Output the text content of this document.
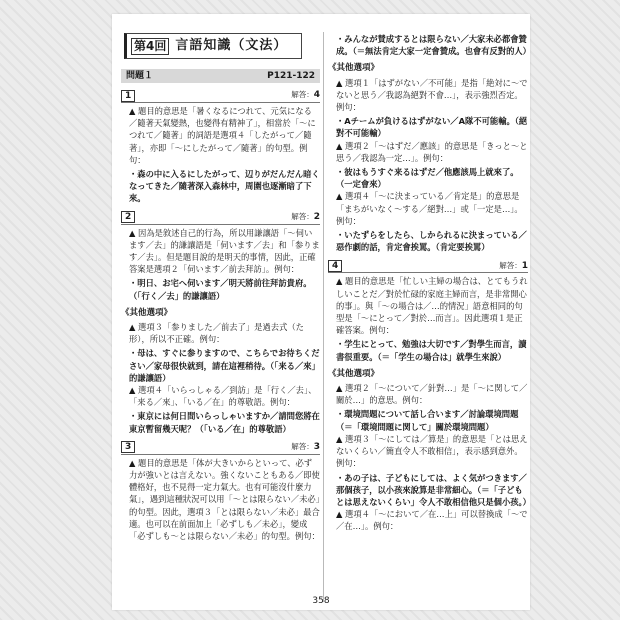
第4回 言語知識（文法）
問題１	P121-122
1	解答：4
▲ 題目的意思是「暑くなるにつれて、元気になる／隨著天氣變熱，也變得有精神了」，相當於「～につれて／隨著」的詞語是選項４「したがって／隨著」，亦即「～にしたがって／隨著」的句型。例句：
・森の中に入るにしたがって、辺りがだんだん暗くなってきた／隨著深入森林中，周圍也逐漸暗了下來。
2	解答：2
▲ 因為是敘述自己的行為，所以用謙讓語「～伺います／去」的謙讓語是「伺います／去」和「参ります／去」。但是題目說的是明天的事情，因此，正確答案是選項２「伺います／前去拜訪」。例句：
・明日、お宅へ伺います／明天將前往拜訪貴府。（「行く／去」的謙讓語）
《其他選項》
▲ 選項３「参りました／前去了」是過去式（た形），所以不正確。例句：
・母は、すぐに参りますので、こちらでお待ちください／家母很快就到，請在這裡稍待。（「来る／來」的謙讓語）
▲ 選項４「いらっしゃる／到訪」是「行く／去」、「来る／來」、「いる／在」的尊敬語。例句：
・東京には何日間いらっしゃいますか／請問您將在東京暫留幾天呢？（「いる／在」的尊敬語）
3	解答：3
▲ 題目的意思是「体が大きいからといって、必ず力が強いとは言えない。強くないこともある／即使體格好，也不見得一定力氣大。也有可能沒什麼力氣」，遇到這種狀況可以用「～とは限らない／未必」的句型。因此，選項３「とは限らない／未必」最合適。也可以在前面加上「必ずしも／未必」，變成「必ずしも～とは限らない／未必」的句型。例句：
・みんなが賛成するとは限らない／大家未必都會贊成。（＝無法肯定大家一定會贊成。也會有反對的人）
《其他選項》
▲ 選項１「はずがない／不可能」是指「絶対に～でないと思う／我認為絕對不會…」，表示強烈否定。例句：
・Aチームが負けるはずがない／A隊不可能輸。（絕對不可能輸）
▲ 選項２「～はずだ／應該」的意思是「きっと～と思う／我認為一定…」。例句：
・彼はもうすぐ来るはずだ／他應該馬上就來了。（一定會來）
▲ 選項４「～に決まっている／肯定是」的意思是「まちがいなく～する／絕對…」或「一定是…」。例句：
・いたずらをしたら、しかられるに決まっている／惡作劇的話，肯定會挨罵。（肯定要挨罵）
4	解答：1
▲ 題目的意思是「忙しい主婦の場合は、とてもうれしいことだ／對於忙碌的家庭主婦而言，是非常開心的事」。與「～の場合は／…的情況」語意相同的句型是「～にとって／對於…而言」。因此選項１是正確答案。例句：
・学生にとって、勉強は大切です／對學生而言，讀書很重要。（＝「学生の場合は」就學生來說）
《其他選項》
▲ 選項２「～について／針對…」是「～に関して／關於…」的意思。例句：
・環境問題について話し合います／討論環境問題（＝「環境問題に関して」關於環境問題）
▲ 選項３「～にしては／算是」的意思是「とは思えないくらい／簡直令人不敢相信」，表示感到意外。例句：
・あの子は、子どもにしては、よく気がつきます／那個孩子，以小孩來說算是非常細心。（＝「子どもとは思えないくらい」令人不敢相信他只是個小孩。）
▲ 選項４「～において／在…上」可以替換成「～で／在…」。例句：
358
